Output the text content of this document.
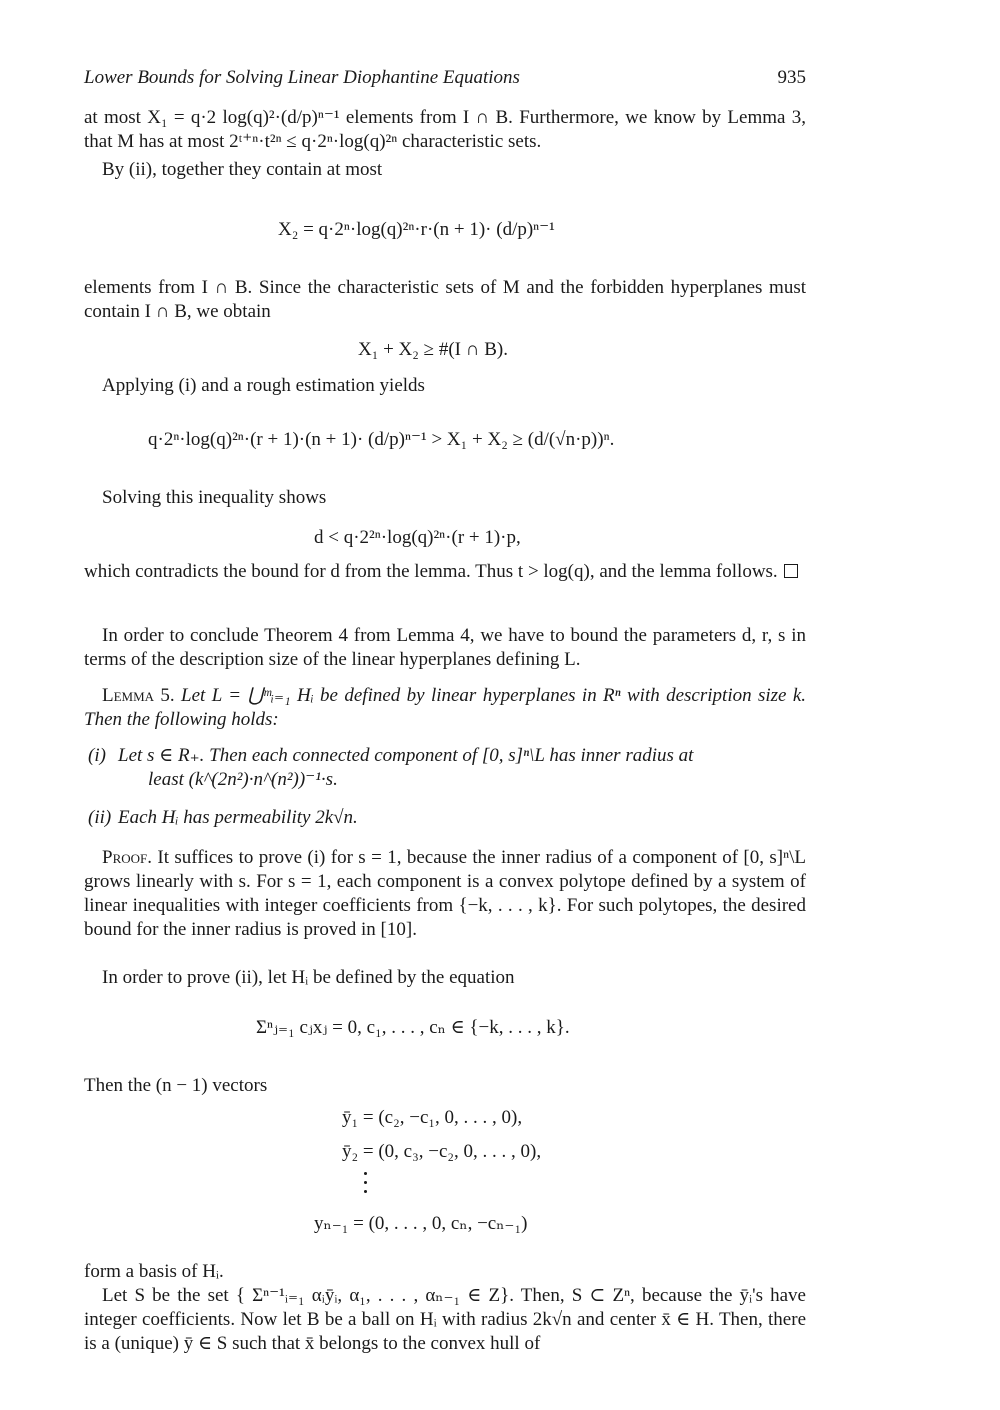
Lower Bounds for Solving Linear Diophantine Equations	935

at most X₁ = q·2 log(q)²·(d/p)ⁿ⁻¹ elements from I ∩ B. Furthermore, we know by Lemma 3, that M has at most 2ᵗ⁺ⁿ·t²ⁿ ≤ q·2ⁿ·log(q)²ⁿ characteristic sets.

By (ii), together they contain at most

X₂ = q·2ⁿ·log(q)²ⁿ·r·(n + 1)· (d/p)ⁿ⁻¹

elements from I ∩ B. Since the characteristic sets of M and the forbidden hyperplanes must contain I ∩ B, we obtain

X₁ + X₂ ≥ #(I ∩ B).

Applying (i) and a rough estimation yields

q·2ⁿ·log(q)²ⁿ·(r + 1)·(n + 1)· (d/p)ⁿ⁻¹ > X₁ + X₂ ≥ (d/(√n·p))ⁿ.

Solving this inequality shows

d < q·2²ⁿ·log(q)²ⁿ·(r + 1)·p,

which contradicts the bound for d from the lemma. Thus t > log(q), and the lemma follows.

In order to conclude Theorem 4 from Lemma 4, we have to bound the parameters d, r, s in terms of the description size of the linear hyperplanes defining L.

Lemma 5. Let L = ⋃ᵐᵢ₌₁ Hᵢ be defined by linear hyperplanes in Rⁿ with description size k. Then the following holds:

(i) Let s ∈ R₊. Then each connected component of [0, s]ⁿ\L has inner radius at
least (k^(2n²)·n^(n²))⁻¹·s.
(ii) Each Hᵢ has permeability 2k√n.

Proof. It suffices to prove (i) for s = 1, because the inner radius of a component of [0, s]ⁿ\L grows linearly with s. For s = 1, each component is a convex polytope defined by a system of linear inequalities with integer coefficients from {−k, . . . , k}. For such polytopes, the desired bound for the inner radius is proved in [10].

In order to prove (ii), let Hᵢ be defined by the equation

Σⁿⱼ₌₁ cⱼxⱼ = 0, c₁, . . . , cₙ ∈ {−k, . . . , k}.

Then the (n − 1) vectors

ȳ₁ = (c₂, −c₁, 0, . . . , 0),
ȳ₂ = (0, c₃, −c₂, 0, . . . , 0),
yₙ₋₁ = (0, . . . , 0, cₙ, −cₙ₋₁)

form a basis of Hᵢ.

Let S be the set { Σⁿ⁻¹ᵢ₌₁ αᵢȳᵢ, α₁, . . . , αₙ₋₁ ∈ Z}. Then, S ⊂ Zⁿ, because the ȳᵢ's have integer coefficients. Now let B be a ball on Hᵢ with radius 2k√n and center x̄ ∈ H. Then, there is a (unique) ȳ ∈ S such that x̄ belongs to the convex hull of
